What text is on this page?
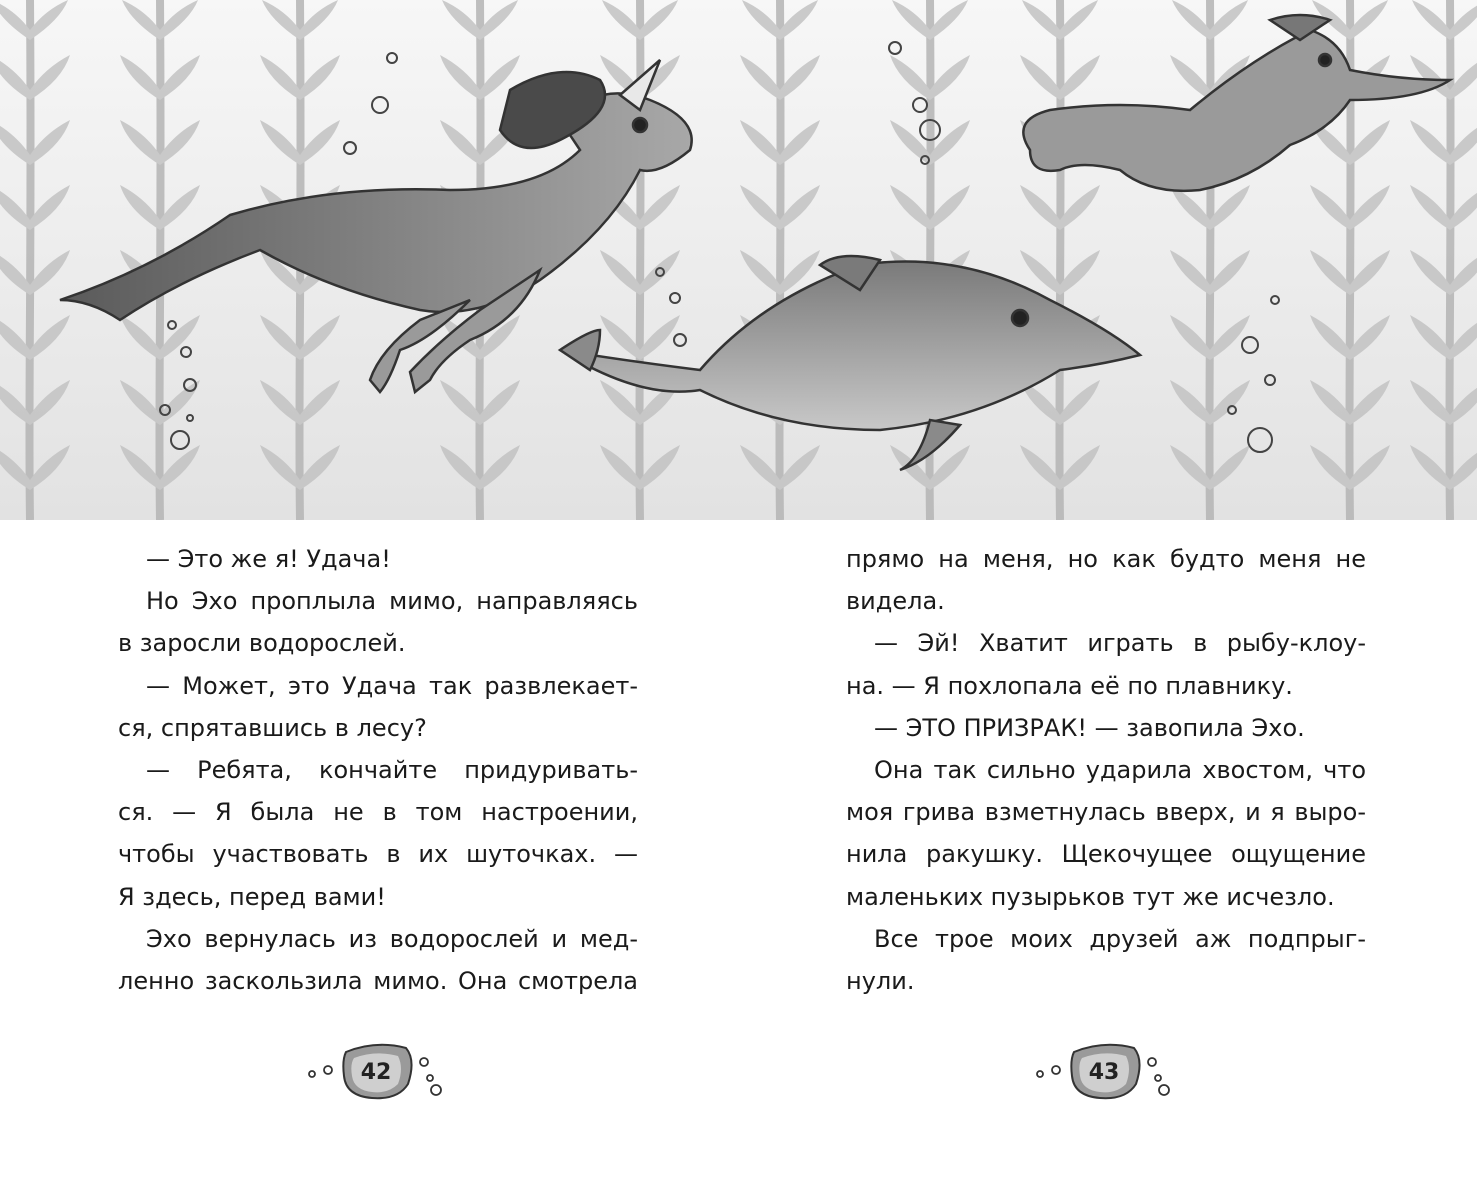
— Это же я! Удача!
Но Эхо проплыла мимо, направляясь
в заросли водорослей.
— Может, это Удача так развлекает-
ся, спрятавшись в лесу?
— Ребята, кончайте придуривать-
ся. — Я была не в том настроении,
чтобы участвовать в их шуточках. —
Я здесь, перед вами!
Эхо вернулась из водорослей и мед-
ленно заскользила мимо. Она смотрела
прямо на меня, но как будто меня не
видела.
— Эй! Хватит играть в рыбу-клоу-
на. — Я похлопала её по плавнику.
— ЭТО ПРИЗРАК! — завопила Эхо.
Она так сильно ударила хвостом, что
моя грива взметнулась вверх, и я выро-
нила ракушку. Щекочущее ощущение
маленьких пузырьков тут же исчезло.
Все трое моих друзей аж подпрыг-
нули.
42	43
